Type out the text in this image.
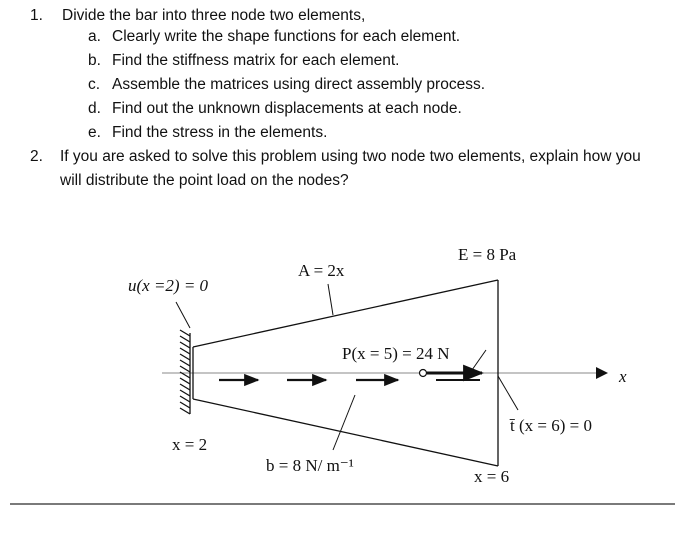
1. Divide the bar into three node two elements,
a. Clearly write the shape functions for each element.
b. Find the stiffness matrix for each element.
c. Assemble the matrices using direct assembly process.
d. Find out the unknown displacements at each node.
e. Find the stress in the elements.
2. If you are asked to solve this problem using two node two elements, explain how you
will distribute the point load on the nodes?
u(x =2) = 0
A = 2x
E = 8 Pa
P(x = 5) = 24 N
x
t̄ (x = 6) = 0
x = 2
b = 8 N/ m⁻¹
x = 6
